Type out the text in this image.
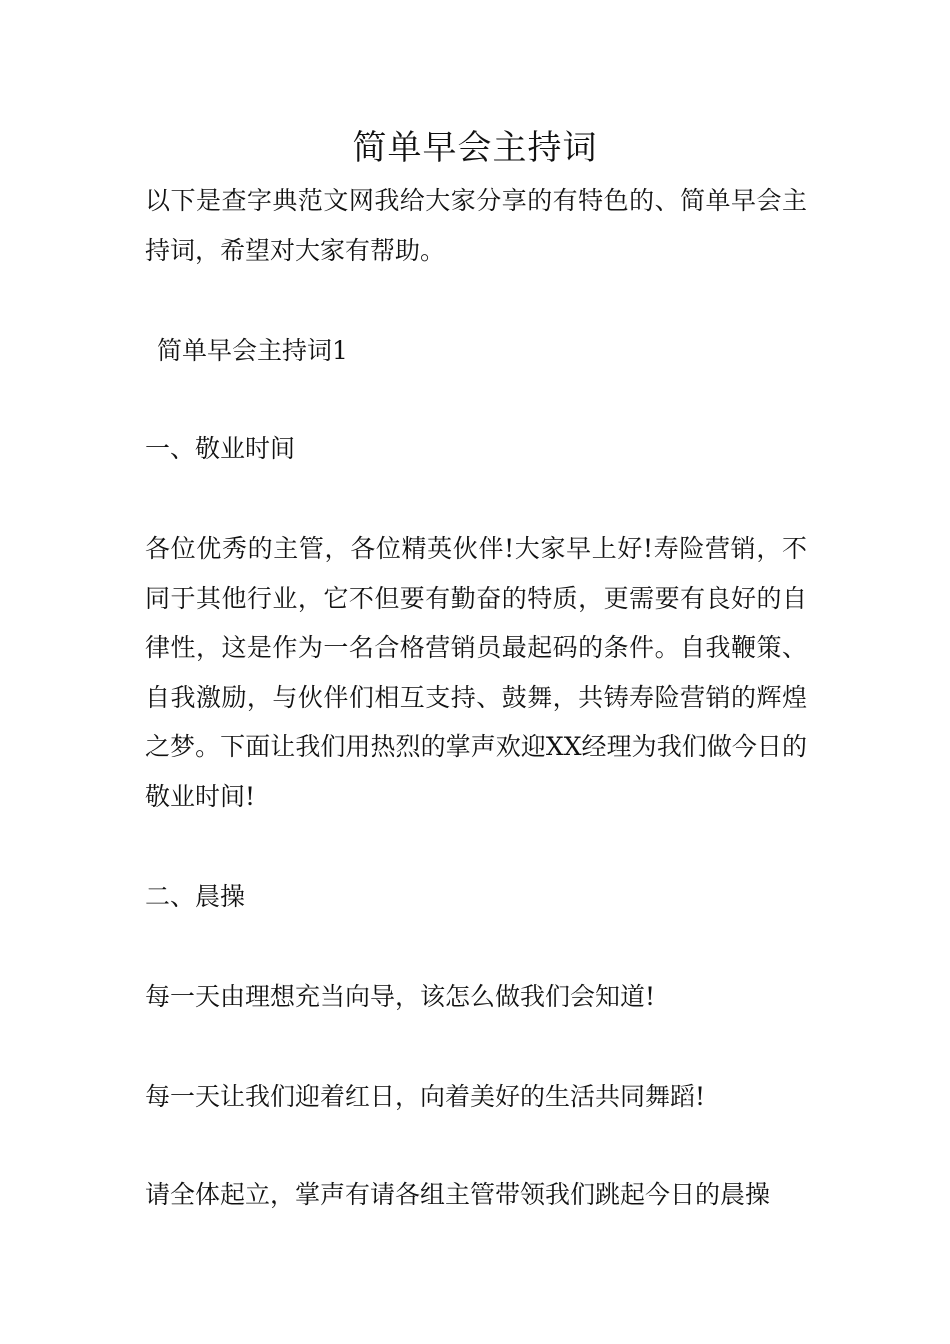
简单早会主持词

以下是查字典范文网我给大家分享的有特色的、简单早会主持词，希望对大家有帮助。

简单早会主持词1

一、敬业时间

各位优秀的主管，各位精英伙伴!大家早上好!寿险营销，不同于其他行业，它不但要有勤奋的特质，更需要有良好的自律性，这是作为一名合格营销员最起码的条件。自我鞭策、自我激励，与伙伴们相互支持、鼓舞，共铸寿险营销的辉煌之梦。下面让我们用热烈的掌声欢迎XX经理为我们做今日的敬业时间!

二、晨操

每一天由理想充当向导，该怎么做我们会知道!

每一天让我们迎着红日，向着美好的生活共同舞蹈!

请全体起立，掌声有请各组主管带领我们跳起今日的晨操
